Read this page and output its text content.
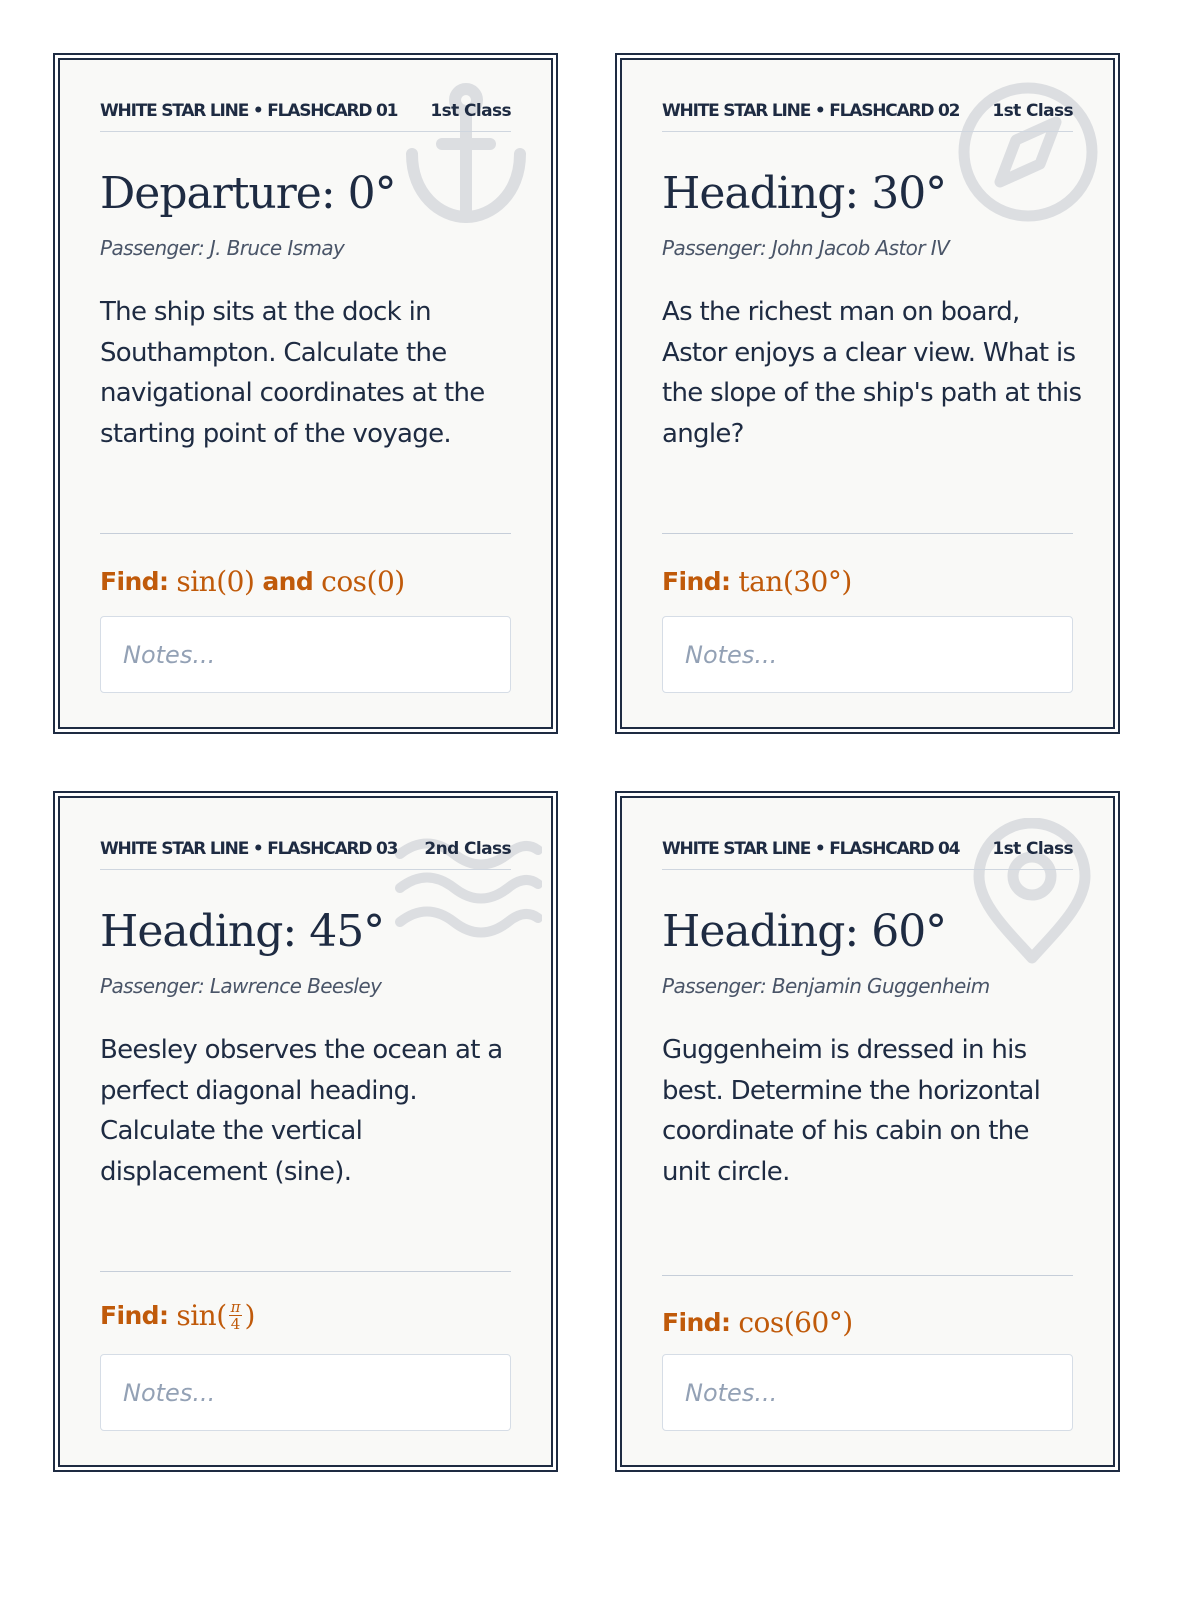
WHITE STAR LINE • FLASHCARD 01 1st Class
Departure: 0°
Passenger: J. Bruce Ismay

The ship sits at the dock in Southampton. Calculate the navigational coordinates at the starting point of the voyage.

Find: sin(0) and cos(0)
Notes...
WHITE STAR LINE • FLASHCARD 02 1st Class
Heading: 30°
Passenger: John Jacob Astor IV

As the richest man on board, Astor enjoys a clear view. What is the slope of the ship's path at this angle?

Find: tan(30°)
Notes...
WHITE STAR LINE • FLASHCARD 03 2nd Class
Heading: 45°
Passenger: Lawrence Beesley

Beesley observes the ocean at a perfect diagonal heading. Calculate the vertical displacement (sine).

Find: $\sin( \frac{\pi}{4}$ )
Notes...
WHITE STAR LINE • FLASHCARD 04 1st Class
Heading: 60°
Passenger: Benjamin Guggenheim

Guggenheim is dressed in his best. Determine the horizontal coordinate of his cabin on the unit circle.

Find: cos(60°)
Notes...
